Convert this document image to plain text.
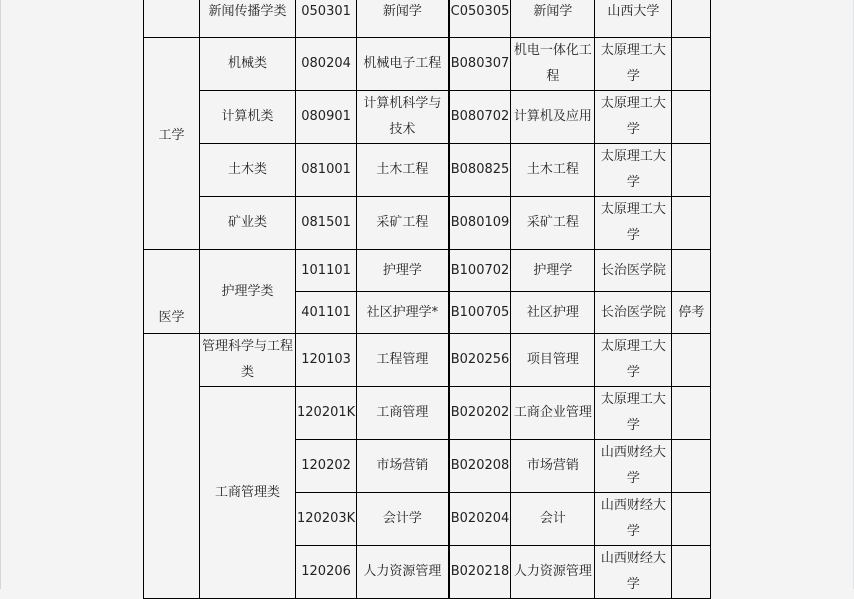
	新闻传播学类	050301	新闻学	C050305	新闻学	山西大学	
工学	机械类	080204	机械电子工程	B080307	机电一体化工程	太原理工大学	
	计算机类	080901	计算机科学与技术	B080702	计算机及应用	太原理工大学	
	土木类	081001	土木工程	B080825	土木工程	太原理工大学	
	矿业类	081501	采矿工程	B080109	采矿工程	太原理工大学	
医学	护理学类	101101	护理学	B100702	护理学	长治医学院	
		401101	社区护理学*	B100705	社区护理	长治医学院	停考
	管理科学与工程类	120103	工程管理	B020256	项目管理	太原理工大学	
	工商管理类	120201K	工商管理	B020202	工商企业管理	太原理工大学	
		120202	市场营销	B020208	市场营销	山西财经大学	
		120203K	会计学	B020204	会计	山西财经大学	
		120206	人力资源管理	B020218	人力资源管理	山西财经大学	
